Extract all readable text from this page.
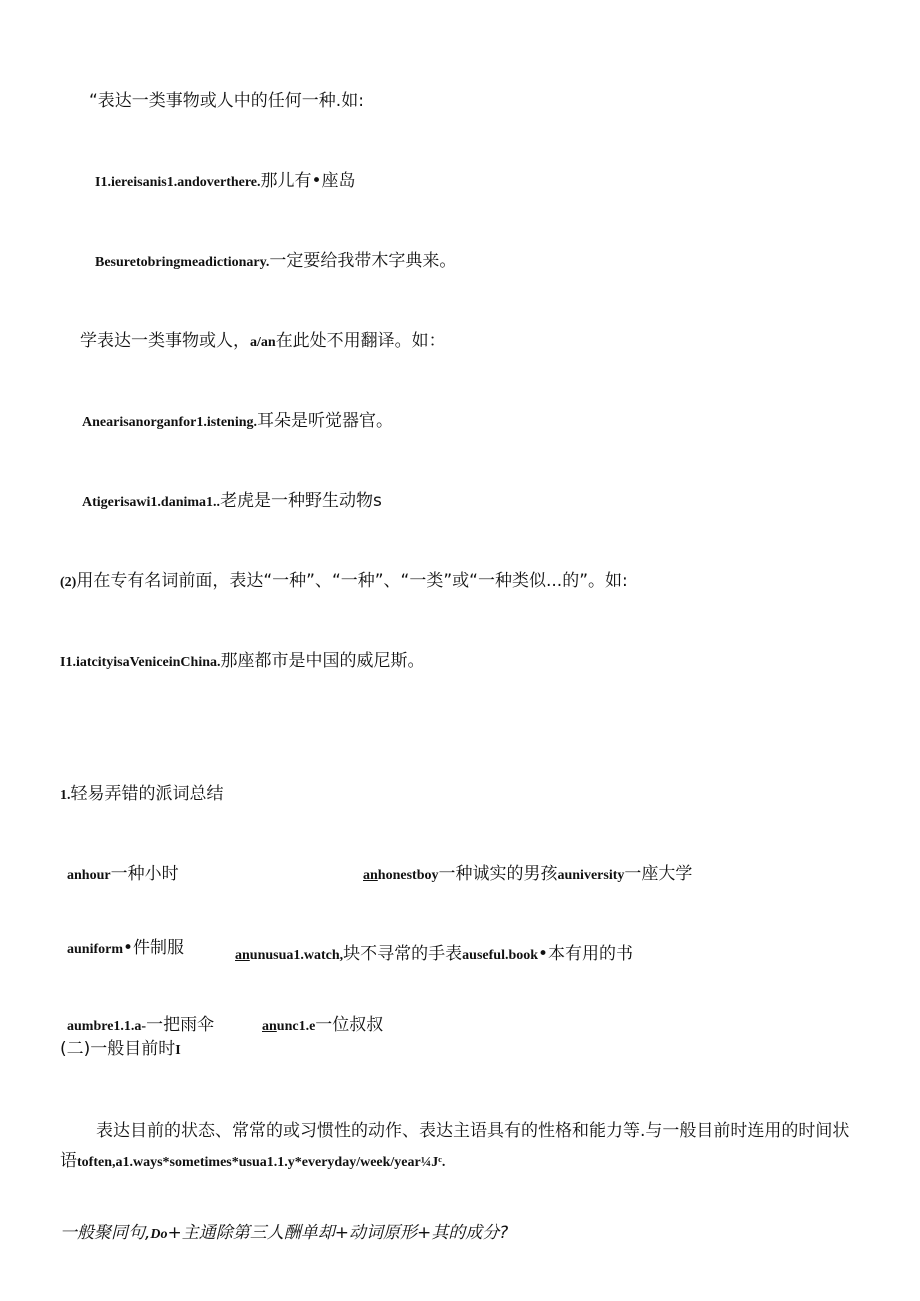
“表达一类事物或人中的任何一种.如:
I1.iereisanis1.andoverthere.那儿有•座岛
Besuretobringmeadictionary.一定要给我带木字典来。
学表达一类事物或人，a/an在此处不用翻译。如：
Anearisanorganfor1.istening.耳朵是听觉器官。
Atigerisawi1.danima1..老虎是一种野生动物s
(2)用在专有名词前面，表达“一种”、“一种”、“一类”或“一种类似...的”。如:
I1.iatcityisaVeniceinChina.那座都市是中国的威尼斯。
1.轻易弄错的派词总结
anhour一种小时	anhonestboy一种诚实的男孩auniversity一座大学
auniform•件制服	anunusua1.watch,块不寻常的手表auseful.book•本有用的书
aumbre1.1.a-一把雨伞	anunc1.e一位叔叔
(二)一般目前时I
表达目前的状态、常常的或习惯性的动作、表达主语具有的性格和能力等.与一般目前时连用的时间状
语toften,a1.ways*sometimes*usua1.1.y*everyday/week/year¼Jᶜ.
一般聚同句,Do+主通除第三人酬单却+动词原形+其的成分?
